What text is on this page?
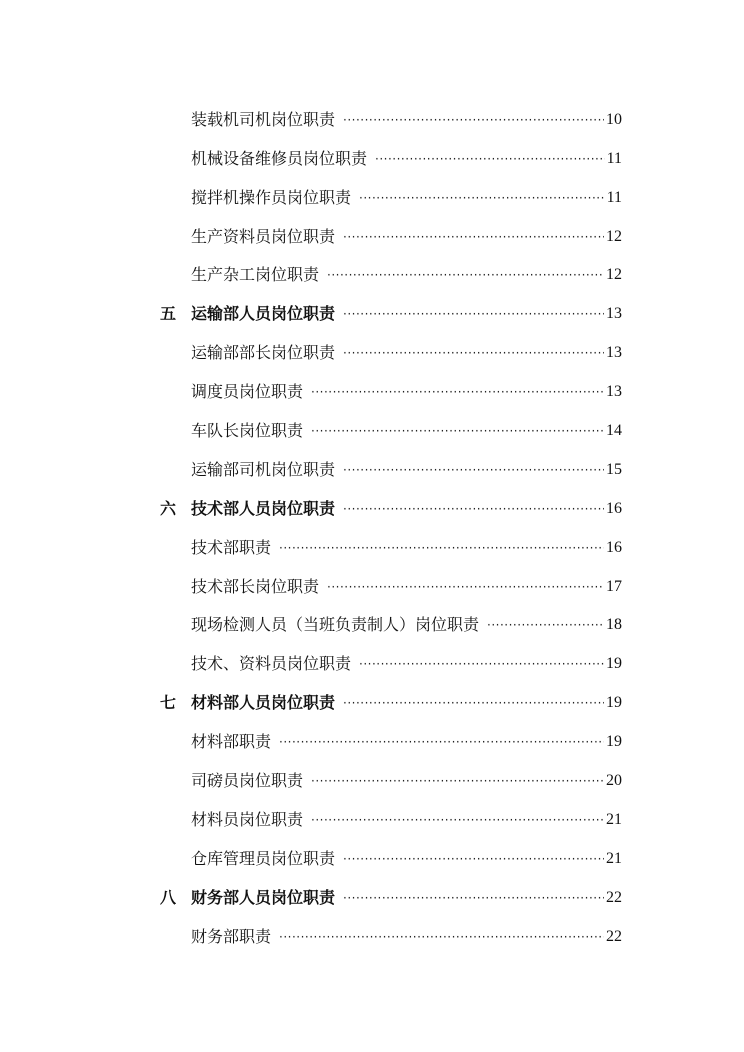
装载机司机岗位职责 ·····	10
机械设备维修员岗位职责 ·····	11
搅拌机操作员岗位职责 ·····	11
生产资料员岗位职责 ·····	12
生产杂工岗位职责 ·····	12
五 运输部人员岗位职责 ·····	13
运输部部长岗位职责 ·····	13
调度员岗位职责 ·····	13
车队长岗位职责 ·····	14
运输部司机岗位职责 ·····	15
六 技术部人员岗位职责 ·····	16
技术部职责 ·····	16
技术部长岗位职责 ·····	17
现场检测人员（当班负责制人）岗位职责 ·····	18
技术、资料员岗位职责 ·····	19
七 材料部人员岗位职责 ·····	19
材料部职责 ·····	19
司磅员岗位职责 ·····	20
材料员岗位职责 ·····	21
仓库管理员岗位职责 ·····	21
八 财务部人员岗位职责 ·····	22
财务部职责 ·····	22
